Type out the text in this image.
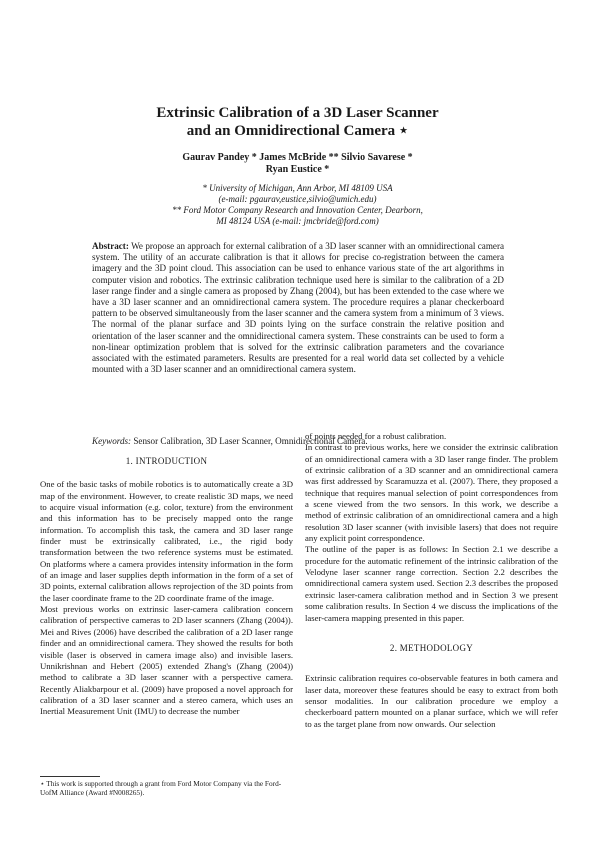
Extrinsic Calibration of a 3D Laser Scanner
and an Omnidirectional Camera ⋆
Gaurav Pandey * James McBride ** Silvio Savarese *
Ryan Eustice *
* University of Michigan, Ann Arbor, MI 48109 USA
(e-mail: pgaurav,eustice,silvio@umich.edu)
** Ford Motor Company Research and Innovation Center, Dearborn,
MI 48124 USA (e-mail: jmcbride@ford.com)
Abstract: We propose an approach for external calibration of a 3D laser scanner with an omnidirectional camera system. The utility of an accurate calibration is that it allows for precise co-registration between the camera imagery and the 3D point cloud. This association can be used to enhance various state of the art algorithms in computer vision and robotics. The extrinsic calibration technique used here is similar to the calibration of a 2D laser range finder and a single camera as proposed by Zhang (2004), but has been extended to the case where we have a 3D laser scanner and an omnidirectional camera system. The procedure requires a planar checkerboard pattern to be observed simultaneously from the laser scanner and the camera system from a minimum of 3 views. The normal of the planar surface and 3D points lying on the surface constrain the relative position and orientation of the laser scanner and the omnidirectional camera system. These constraints can be used to form a non-linear optimization problem that is solved for the extrinsic calibration parameters and the covariance associated with the estimated parameters. Results are presented for a real world data set collected by a vehicle mounted with a 3D laser scanner and an omnidirectional camera system.
Keywords: Sensor Calibration, 3D Laser Scanner, Omnidirectional Camera.

1. INTRODUCTION

One of the basic tasks of mobile robotics is to automatically create a 3D map of the environment. However, to create realistic 3D maps, we need to acquire visual information (e.g. color, texture) from the environment and this information has to be precisely mapped onto the range information. To accomplish this task, the camera and 3D laser range finder must be extrinsically calibrated, i.e., the rigid body transformation between the two reference systems must be estimated. On platforms where a camera provides intensity information in the form of an image and laser supplies depth information in the form of a set of 3D points, external calibration allows reprojection of the 3D points from the laser coordinate frame to the 2D coordinate frame of the image.

Most previous works on extrinsic laser-camera calibration concern calibration of perspective cameras to 2D laser scanners (Zhang (2004)). Mei and Rives (2006) have described the calibration of a 2D laser range finder and an omnidirectional camera. They showed the results for both visible (laser is observed in camera image also) and invisible lasers. Unnikrishnan and Hebert (2005) extended Zhang's (Zhang (2004)) method to calibrate a 3D laser scanner with a perspective camera. Recently Aliakbarpour et al. (2009) have proposed a novel approach for calibration of a 3D laser scanner and a stereo camera, which uses an Inertial Measurement Unit (IMU) to decrease the number

of points needed for a robust calibration.

In contrast to previous works, here we consider the extrinsic calibration of an omnidirectional camera with a 3D laser range finder. The problem of extrinsic calibration of a 3D scanner and an omnidirectional camera was first addressed by Scaramuzza et al. (2007). There, they proposed a technique that requires manual selection of point correspondences from a scene viewed from the two sensors. In this work, we describe a method of extrinsic calibration of an omnidirectional camera and a high resolution 3D laser scanner (with invisible lasers) that does not require any explicit point correspondence.

The outline of the paper is as follows: In Section 2.1 we describe a procedure for the automatic refinement of the intrinsic calibration of the Velodyne laser scanner range correction. Section 2.2 describes the omnidirectional camera system used. Section 2.3 describes the proposed extrinsic laser-camera calibration method and in Section 3 we present some calibration results. In Section 4 we discuss the implications of the laser-camera mapping presented in this paper.

2. METHODOLOGY

Extrinsic calibration requires co-observable features in both camera and laser data, moreover these features should be easy to extract from both sensor modalities. In our calibration procedure we employ a checkerboard pattern mounted on a planar surface, which we will refer to as the target plane from now onwards. Our selection

⋆ This work is supported through a grant from Ford Motor Company via the Ford-UofM Alliance (Award #N008265).
